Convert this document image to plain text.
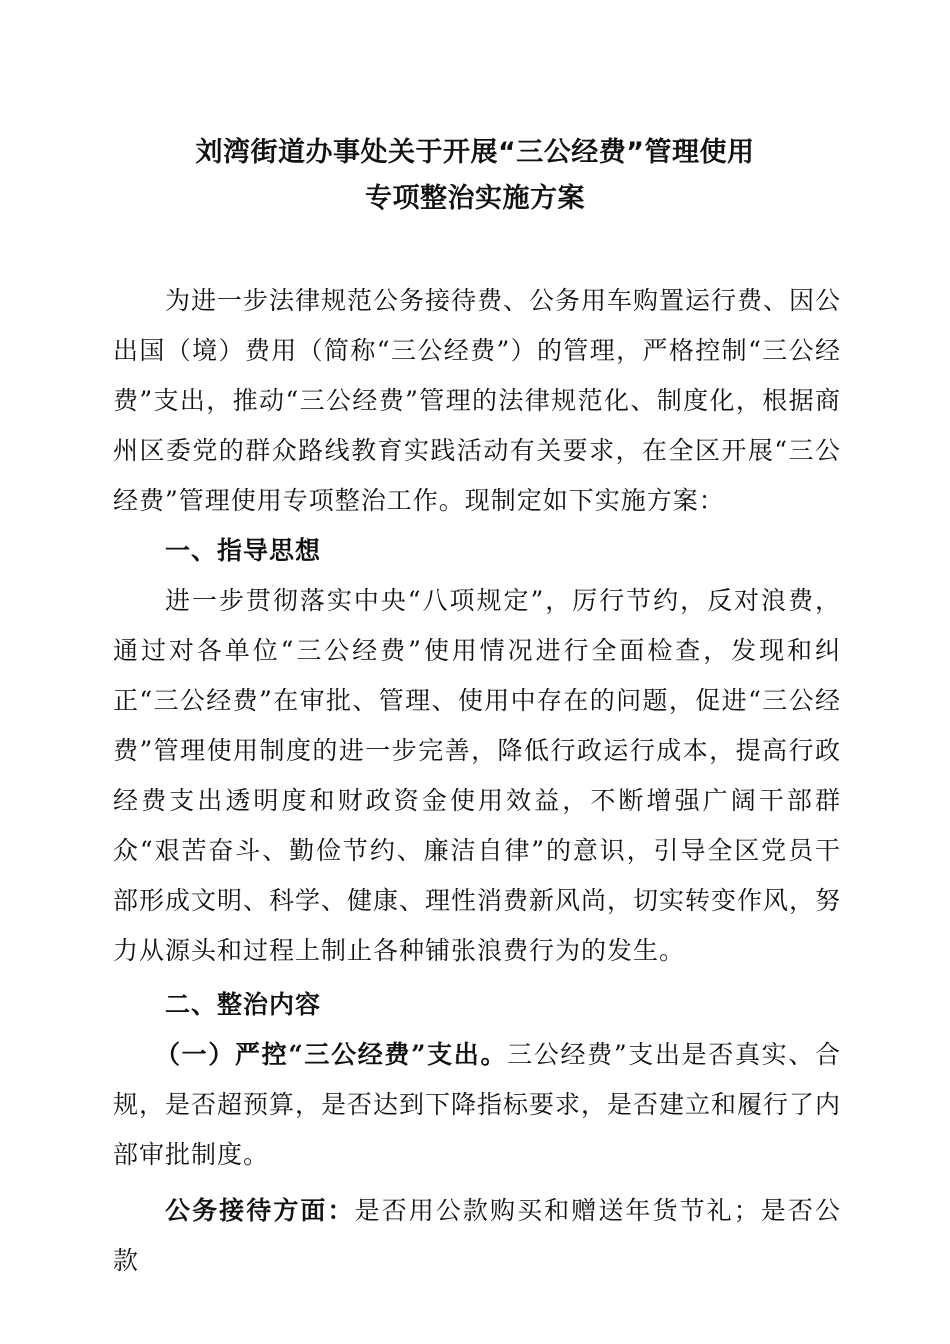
刘湾街道办事处关于开展“三公经费”管理使用
专项整治实施方案

为进一步法律规范公务接待费、公务用车购置运行费、因公出国（境）费用（简称“三公经费”）的管理，严格控制“三公经费”支出，推动“三公经费”管理的法律规范化、制度化，根据商州区委党的群众路线教育实践活动有关要求，在全区开展“三公经费”管理使用专项整治工作。现制定如下实施方案：

一、指导思想

进一步贯彻落实中央“八项规定”，厉行节约，反对浪费，通过对各单位“三公经费”使用情况进行全面检查，发现和纠正“三公经费”在审批、管理、使用中存在的问题，促进“三公经费”管理使用制度的进一步完善，降低行政运行成本，提高行政经费支出透明度和财政资金使用效益，不断增强广阔干部群众“艰苦奋斗、勤俭节约、廉洁自律”的意识，引导全区党员干部形成文明、科学、健康、理性消费新风尚，切实转变作风，努力从源头和过程上制止各种铺张浪费行为的发生。

二、整治内容

（一）严控“三公经费”支出。三公经费”支出是否真实、合规，是否超预算，是否达到下降指标要求，是否建立和履行了内部审批制度。

公务接待方面：是否用公款购买和赠送年货节礼；是否公款
